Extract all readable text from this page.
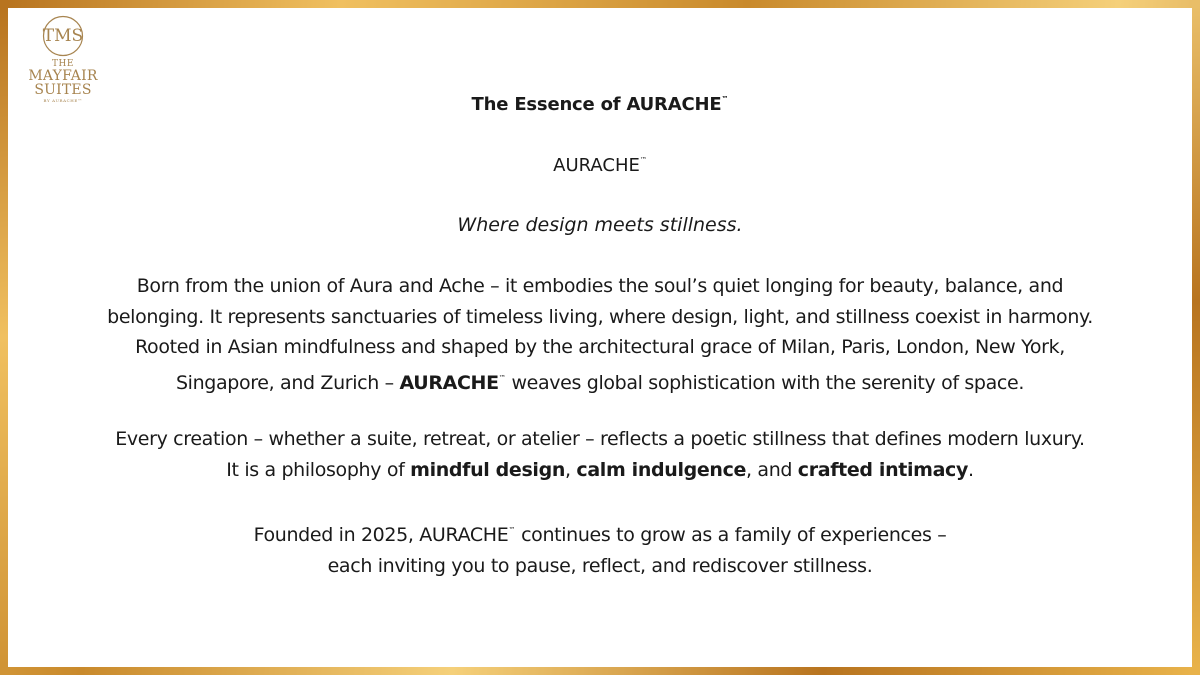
TMS
THE
MAYFAIR
SUITES
BY AURACHE™	The Essence of AURACHE™
AURACHE™
Where design meets stillness.
Born from the union of Aura and Ache – it embodies the soul’s quiet longing for beauty, balance, and
belonging. It represents sanctuaries of timeless living, where design, light, and stillness coexist in harmony.
Rooted in Asian mindfulness and shaped by the architectural grace of Milan, Paris, London, New York,
Singapore, and Zurich – AURACHE™ weaves global sophistication with the serenity of space.
Every creation – whether a suite, retreat, or atelier – reflects a poetic stillness that defines modern luxury.
It is a philosophy of mindful design, calm indulgence, and crafted intimacy.
Founded in 2025, AURACHE™ continues to grow as a family of experiences –
each inviting you to pause, reflect, and rediscover stillness.
